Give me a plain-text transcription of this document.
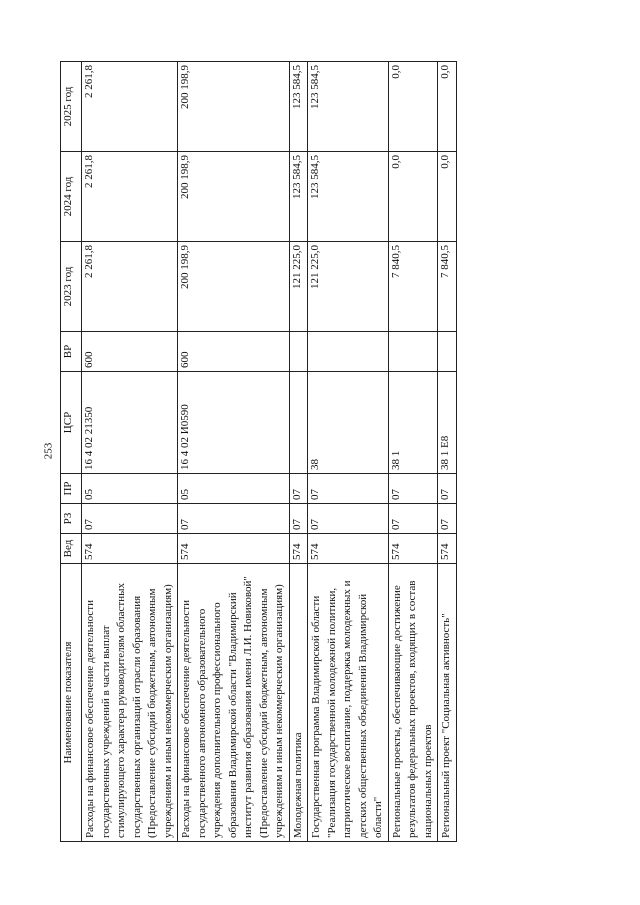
253
Наименование показателя	Вед	РЗ	ПР	ЦСР	ВР	2023 год	2024 год	2025 год
Расходы на финансовое обеспечение деятельности государственных учреждений в части выплат стимулирующего характера руководителям областных государственных организаций отрасли образования (Предоставление субсидий бюджетным, автономным учреждениям и иным некоммерческим организациям)	574	07	05	16 4 02 21350	600	2 261,8	2 261,8	2 261,8
Расходы на финансовое обеспечение деятельности государственного автономного образовательного учреждения дополнительного профессионального образования Владимирской области "Владимирский институт развития образования имени Л.И. Новиковой" (Предоставление субсидий бюджетным, автономным учреждениям и иным некоммерческим организациям)	574	07	05	16 4 02 И0590	600	200 198,9	200 198,9	200 198,9
Молодежная политика	574	07	07			121 225,0	123 584,5	123 584,5
Государственная программа Владимирской области "Реализация государственной молодежной политики, патриотическое воспитание, поддержка молодежных и детских общественных объединений Владимирской области"	574	07	07	38		121 225,0	123 584,5	123 584,5
Региональные проекты, обеспечивающие достижение результатов федеральных проектов, входящих в состав национальных проектов	574	07	07	38 1		7 840,5	0,0	0,0
Региональный проект "Социальная активность"	574	07	07	38 1 Е8		7 840,5	0,0	0,0
